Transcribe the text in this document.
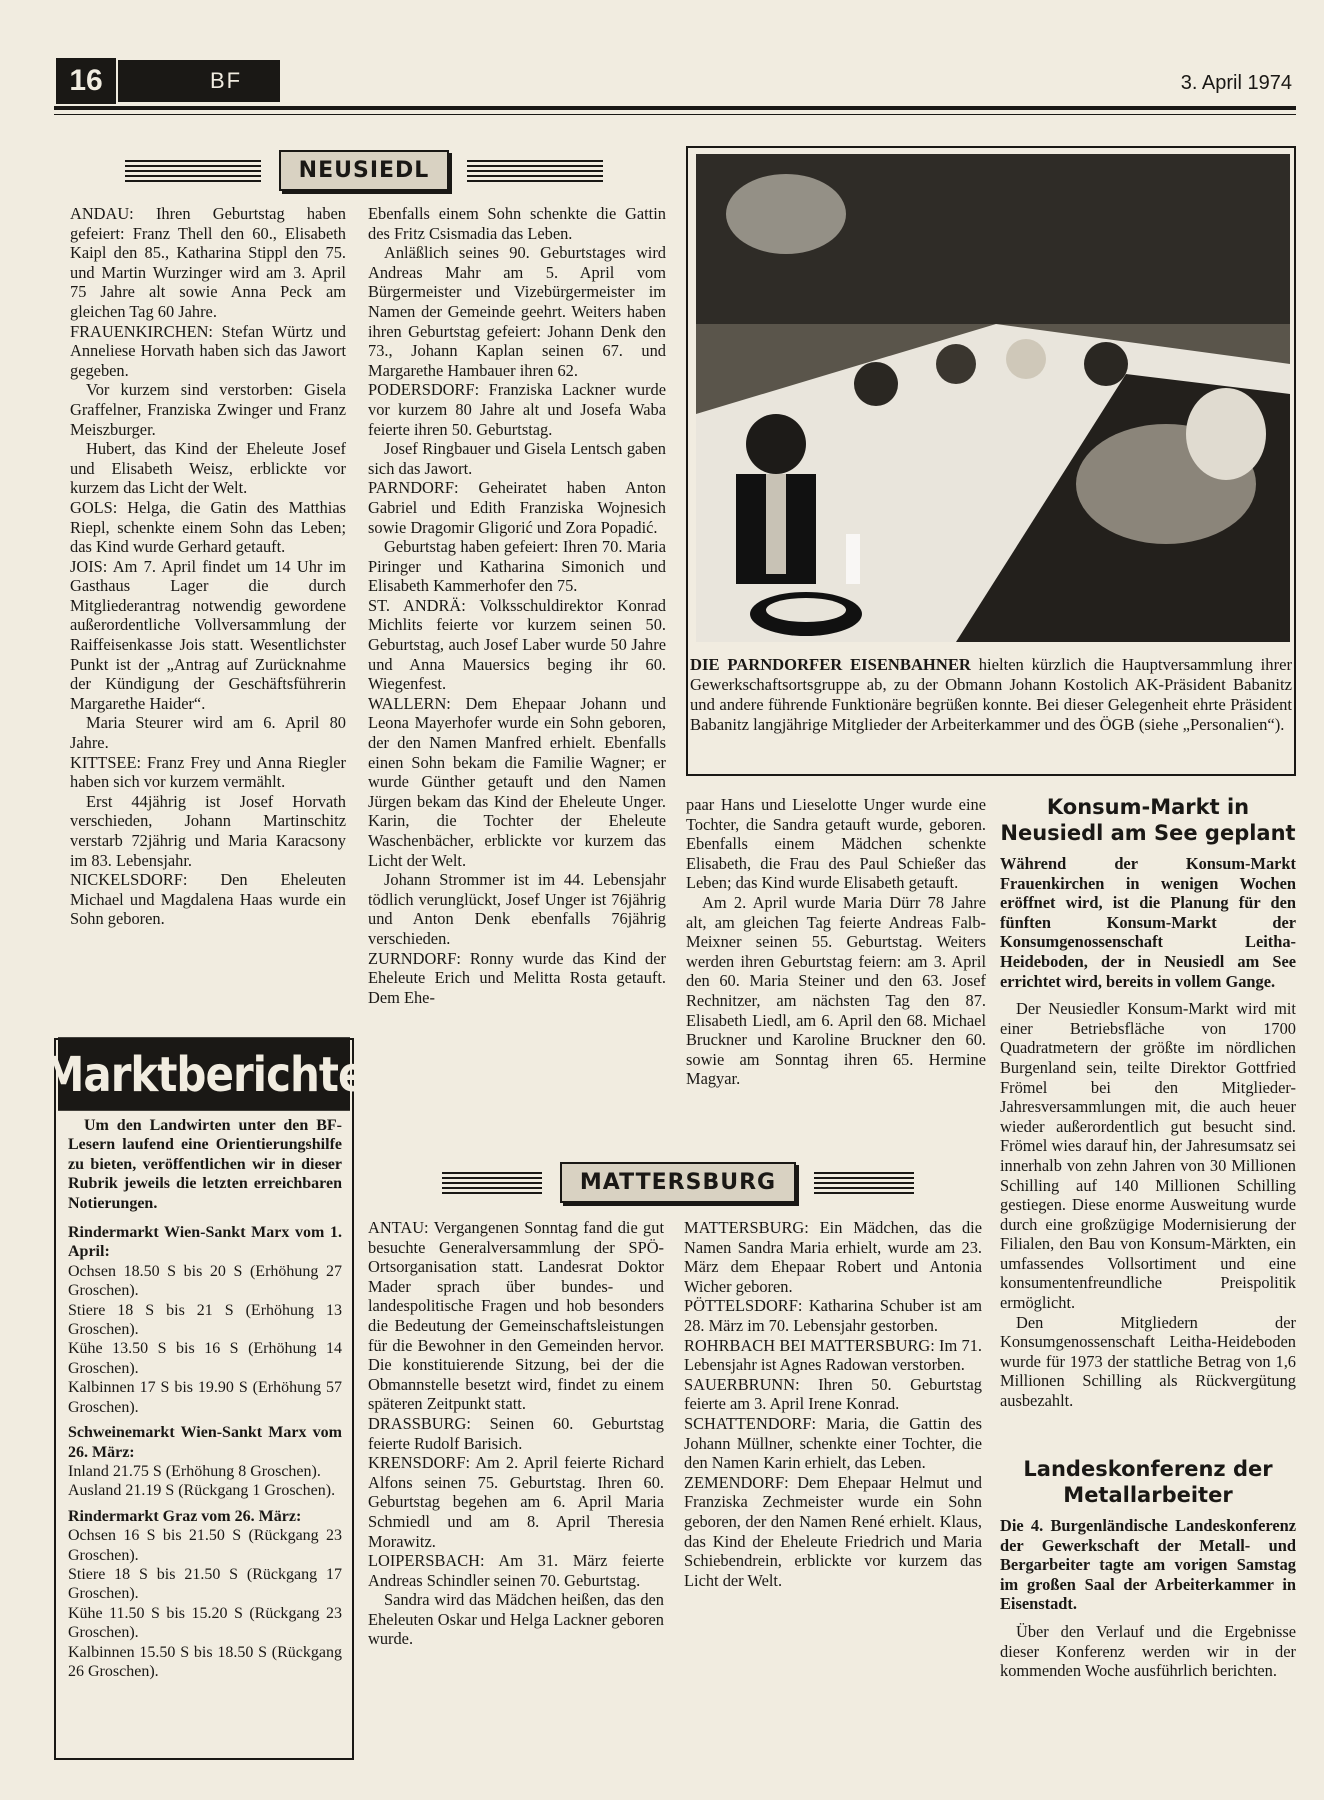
16	BF	3. April 1974
NEUSIEDL

ANDAU: Ihren Geburtstag haben gefeiert: Franz Thell den 60., Elisabeth Kaipl den 85., Katharina Stippl den 75. und Martin Wurzinger wird am 3. April 75 Jahre alt sowie Anna Peck am gleichen Tag 60 Jahre.

FRAUENKIRCHEN: Stefan Würtz und Anneliese Horvath haben sich das Jawort gegeben.

Vor kurzem sind verstorben: Gisela Graffelner, Franziska Zwinger und Franz Meiszburger.

Hubert, das Kind der Eheleute Josef und Elisabeth Weisz, erblickte vor kurzem das Licht der Welt.

GOLS: Helga, die Gatin des Matthias Riepl, schenkte einem Sohn das Leben; das Kind wurde Gerhard getauft.

JOIS: Am 7. April findet um 14 Uhr im Gasthaus Lager die durch Mitgliederantrag notwendig gewordene außerordentliche Vollversammlung der Raiffeisenkasse Jois statt. Wesentlichster Punkt ist der „Antrag auf Zurücknahme der Kündigung der Geschäftsführerin Margarethe Haider“.

Maria Steurer wird am 6. April 80 Jahre.

KITTSEE: Franz Frey und Anna Riegler haben sich vor kurzem vermählt.

Erst 44jährig ist Josef Horvath verschieden, Johann Martinschitz verstarb 72jährig und Maria Karacsony im 83. Lebensjahr.

NICKELSDORF: Den Eheleuten Michael und Magdalena Haas wurde ein Sohn geboren.

Ebenfalls einem Sohn schenkte die Gattin des Fritz Csismadia das Leben.

Anläßlich seines 90. Geburtstages wird Andreas Mahr am 5. April vom Bürgermeister und Vizebürgermeister im Namen der Gemeinde geehrt. Weiters haben ihren Geburtstag gefeiert: Johann Denk den 73., Johann Kaplan seinen 67. und Margarethe Hambauer ihren 62.

PODERSDORF: Franziska Lackner wurde vor kurzem 80 Jahre alt und Josefa Waba feierte ihren 50. Geburtstag.

Josef Ringbauer und Gisela Lentsch gaben sich das Jawort.

PARNDORF: Geheiratet haben Anton Gabriel und Edith Franziska Wojnesich sowie Dragomir Gligorić und Zora Popadić.

Geburtstag haben gefeiert: Ihren 70. Maria Piringer und Katharina Simonich und Elisabeth Kammerhofer den 75.

ST. ANDRÄ: Volksschuldirektor Konrad Michlits feierte vor kurzem seinen 50. Geburtstag, auch Josef Laber wurde 50 Jahre und Anna Mauersics beging ihr 60. Wiegenfest.

WALLERN: Dem Ehepaar Johann und Leona Mayerhofer wurde ein Sohn geboren, der den Namen Manfred erhielt. Ebenfalls einen Sohn bekam die Familie Wagner; er wurde Günther getauft und den Namen Jürgen bekam das Kind der Eheleute Unger. Karin, die Tochter der Eheleute Waschenbächer, erblickte vor kurzem das Licht der Welt.

Johann Strommer ist im 44. Lebensjahr tödlich verunglückt, Josef Unger ist 76jährig und Anton Denk ebenfalls 76jährig verschieden.

ZURNDORF: Ronny wurde das Kind der Eheleute Erich und Melitta Rosta getauft. Dem Ehe-

DIE PARNDORFER EISENBAHNER hielten kürzlich die Hauptversammlung ihrer Gewerkschaftsortsgruppe ab, zu der Obmann Johann Kostolich AK-Präsident Babanitz und andere führende Funktionäre begrüßen konnte. Bei dieser Gelegenheit ehrte Präsident Babanitz langjährige Mitglieder der Arbeiterkammer und des ÖGB (siehe „Personalien“).

paar Hans und Lieselotte Unger wurde eine Tochter, die Sandra getauft wurde, geboren. Ebenfalls einem Mädchen schenkte Elisabeth, die Frau des Paul Schießer das Leben; das Kind wurde Elisabeth getauft.

Am 2. April wurde Maria Dürr 78 Jahre alt, am gleichen Tag feierte Andreas Falb-Meixner seinen 55. Geburtstag. Weiters werden ihren Geburtstag feiern: am 3. April den 60. Maria Steiner und den 63. Josef Rechnitzer, am nächsten Tag den 87. Elisabeth Liedl, am 6. April den 68. Michael Bruckner und Karoline Bruckner den 60. sowie am Sonntag ihren 65. Hermine Magyar.

Konsum-Markt in Neusiedl am See geplant
Während der Konsum-Markt Frauenkirchen in wenigen Wochen eröffnet wird, ist die Planung für den fünften Konsum-Markt der Konsumgenossenschaft Leitha-Heideboden, der in Neusiedl am See errichtet wird, bereits in vollem Gange.
Der Neusiedler Konsum-Markt wird mit einer Betriebsfläche von 1700 Quadratmetern der größte im nördlichen Burgenland sein, teilte Direktor Gottfried Frömel bei den Mitglieder-Jahresversammlungen mit, die auch heuer wieder außerordentlich gut besucht sind. Frömel wies darauf hin, der Jahresumsatz sei innerhalb von zehn Jahren von 30 Millionen Schilling auf 140 Millionen Schilling gestiegen. Diese enorme Ausweitung wurde durch eine großzügige Modernisierung der Filialen, den Bau von Konsum-Märkten, ein umfassendes Vollsortiment und eine konsumentenfreundliche Preispolitik ermöglicht.
Den Mitgliedern der Konsumgenossenschaft Leitha-Heideboden wurde für 1973 der stattliche Betrag von 1,6 Millionen Schilling als Rückvergütung ausbezahlt.
Landeskonferenz der Metallarbeiter
Die 4. Burgenländische Landeskonferenz der Gewerkschaft der Metall- und Bergarbeiter tagte am vorigen Samstag im großen Saal der Arbeiterkammer in Eisenstadt.
Über den Verlauf und die Ergebnisse dieser Konferenz werden wir in der kommenden Woche ausführlich berichten.
Marktberichte

Um den Landwirten unter den BF-Lesern laufend eine Orientierungshilfe zu bieten, veröffentlichen wir in dieser Rubrik jeweils die letzten erreichbaren Notierungen.

Rindermarkt Wien-Sankt Marx vom 1. April:

Ochsen 18.50 S bis 20 S (Erhöhung 27 Groschen).

Stiere 18 S bis 21 S (Erhöhung 13 Groschen).

Kühe 13.50 S bis 16 S (Erhöhung 14 Groschen).

Kalbinnen 17 S bis 19.90 S (Erhöhung 57 Groschen).

Schweinemarkt Wien-Sankt Marx vom 26. März:

Inland 21.75 S (Erhöhung 8 Groschen).

Ausland 21.19 S (Rückgang 1 Groschen).

Rindermarkt Graz vom 26. März:

Ochsen 16 S bis 21.50 S (Rückgang 23 Groschen).

Stiere 18 S bis 21.50 S (Rückgang 17 Groschen).

Kühe 11.50 S bis 15.20 S (Rückgang 23 Groschen).

Kalbinnen 15.50 S bis 18.50 S (Rückgang 26 Groschen).

MATTERSBURG

ANTAU: Vergangenen Sonntag fand die gut besuchte Generalversammlung der SPÖ-Ortsorganisation statt. Landesrat Doktor Mader sprach über bundes- und landespolitische Fragen und hob besonders die Bedeutung der Gemeinschaftsleistungen für die Bewohner in den Gemeinden hervor. Die konstituierende Sitzung, bei der die Obmannstelle besetzt wird, findet zu einem späteren Zeitpunkt statt.

DRASSBURG: Seinen 60. Geburtstag feierte Rudolf Barisich.

KRENSDORF: Am 2. April feierte Richard Alfons seinen 75. Geburtstag. Ihren 60. Geburtstag begehen am 6. April Maria Schmiedl und am 8. April Theresia Morawitz.

LOIPERSBACH: Am 31. März feierte Andreas Schindler seinen 70. Geburtstag.

Sandra wird das Mädchen heißen, das den Eheleuten Oskar und Helga Lackner geboren wurde.

MATTERSBURG: Ein Mädchen, das die Namen Sandra Maria erhielt, wurde am 23. März dem Ehepaar Robert und Antonia Wicher geboren.

PÖTTELSDORF: Katharina Schuber ist am 28. März im 70. Lebensjahr gestorben.

ROHRBACH BEI MATTERSBURG: Im 71. Lebensjahr ist Agnes Radowan verstorben.

SAUERBRUNN: Ihren 50. Geburtstag feierte am 3. April Irene Konrad.

SCHATTENDORF: Maria, die Gattin des Johann Müllner, schenkte einer Tochter, die den Namen Karin erhielt, das Leben.

ZEMENDORF: Dem Ehepaar Helmut und Franziska Zechmeister wurde ein Sohn geboren, der den Namen René erhielt. Klaus, das Kind der Eheleute Friedrich und Maria Schiebendrein, erblickte vor kurzem das Licht der Welt.
